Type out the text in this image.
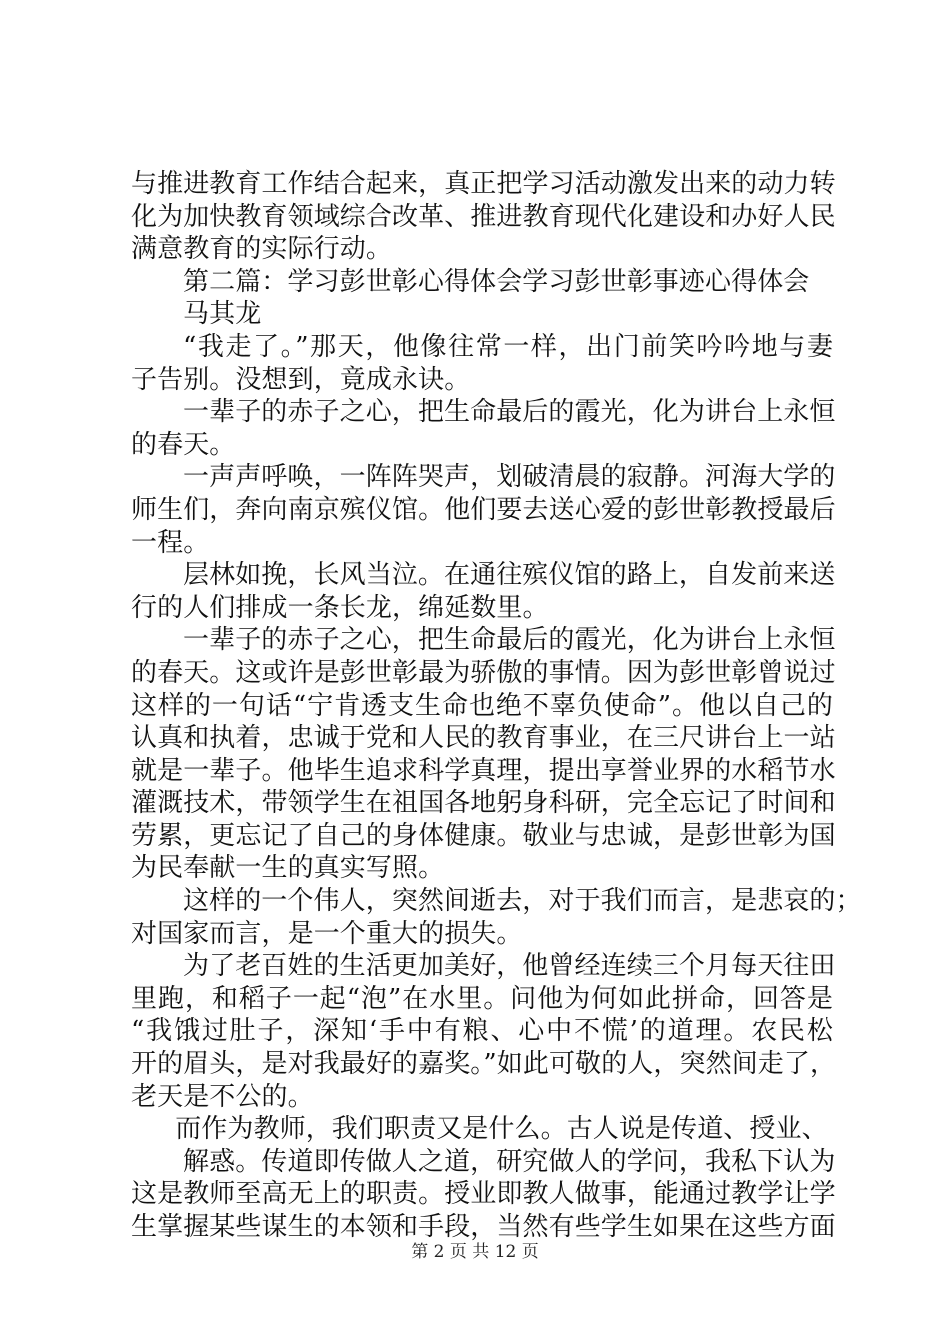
与推进教育工作结合起来，真正把学习活动激发出来的动力转
化为加快教育领域综合改革、推进教育现代化建设和办好人民
满意教育的实际行动。
第二篇：学习彭世彰心得体会学习彭世彰事迹心得体会
马其龙
“我走了。”那天，他像往常一样，出门前笑吟吟地与妻
子告别。没想到，竟成永诀。
一辈子的赤子之心，把生命最后的霞光，化为讲台上永恒
的春天。
一声声呼唤，一阵阵哭声，划破清晨的寂静。河海大学的
师生们，奔向南京殡仪馆。他们要去送心爱的彭世彰教授最后
一程。
层林如挽，长风当泣。在通往殡仪馆的路上，自发前来送
行的人们排成一条长龙，绵延数里。
一辈子的赤子之心，把生命最后的霞光，化为讲台上永恒
的春天。这或许是彭世彰最为骄傲的事情。因为彭世彰曾说过
这样的一句话“宁肯透支生命也绝不辜负使命”。他以自己的
认真和执着，忠诚于党和人民的教育事业，在三尺讲台上一站
就是一辈子。他毕生追求科学真理，提出享誉业界的水稻节水
灌溉技术，带领学生在祖国各地躬身科研，完全忘记了时间和
劳累，更忘记了自己的身体健康。敬业与忠诚，是彭世彰为国
为民奉献一生的真实写照。
这样的一个伟人，突然间逝去，对于我们而言，是悲哀的；
对国家而言，是一个重大的损失。
为了老百姓的生活更加美好，他曾经连续三个月每天往田
里跑，和稻子一起“泡”在水里。问他为何如此拼命，回答是
“我饿过肚子，深知‘手中有粮、心中不慌’的道理。农民松
开的眉头，是对我最好的嘉奖。”如此可敬的人，突然间走了，
老天是不公的。
而作为教师，我们职责又是什么。古人说是传道、授业、
解惑。传道即传做人之道，研究做人的学问，我私下认为
这是教师至高无上的职责。授业即教人做事，能通过教学让学
生掌握某些谋生的本领和手段，当然有些学生如果在这些方面
第 2 页 共 12 页
